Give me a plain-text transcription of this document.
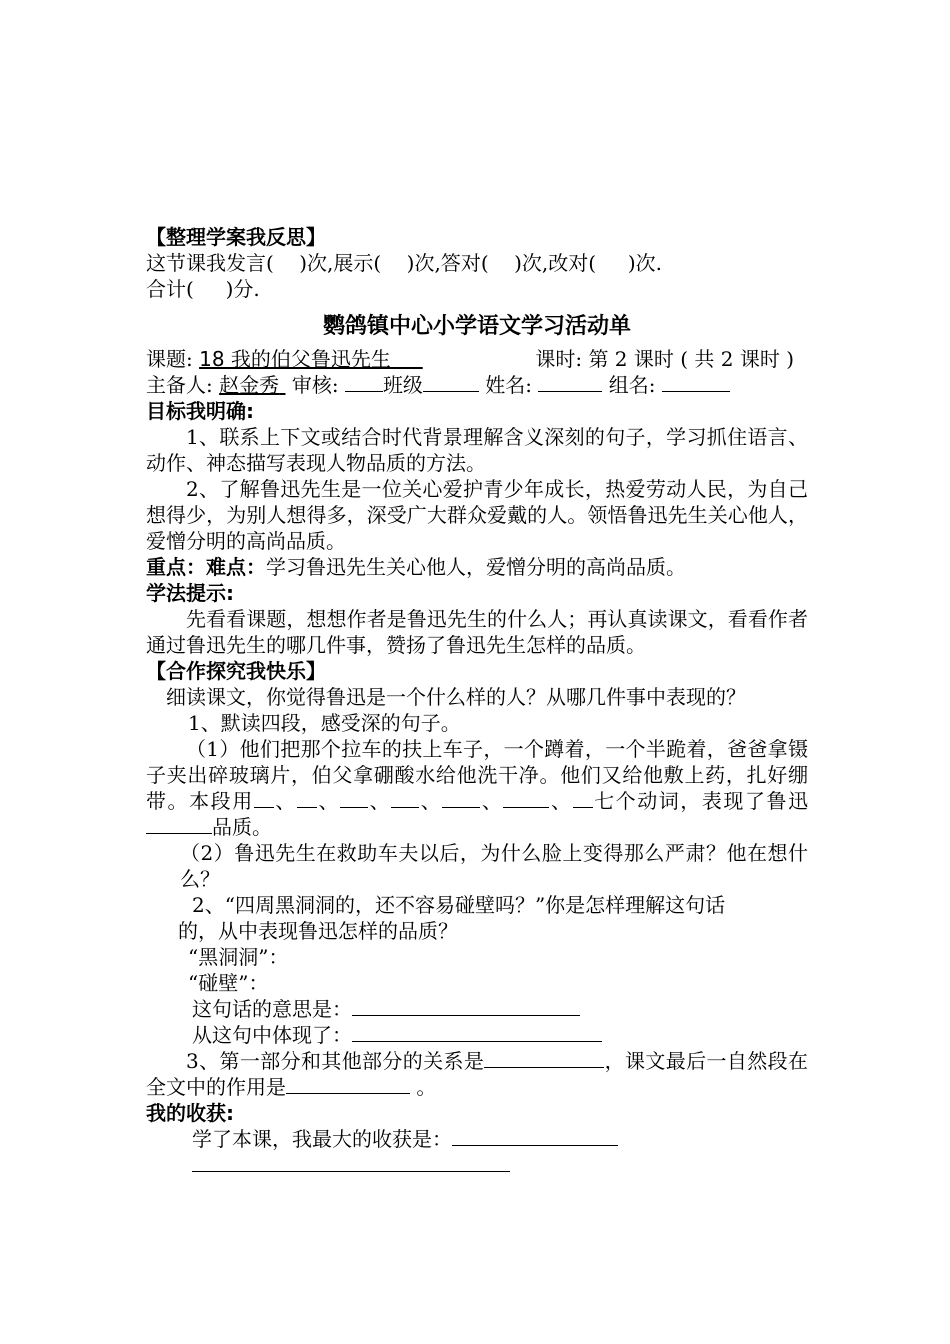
【整理学案我反思】
这节课我发言( )次,展示( )次,答对( )次,改对( )次.
合计( )分.
鹦鸽镇中心小学语文学习活动单
课题: 18 我的伯父鲁迅先生	课时: 第 2 课时 ( 共 2 课时 )
主备人: 赵金秀 审核: 班级	姓名:	组名:
目标我明确:
1、联系上下文或结合时代背景理解含义深刻的句子，学习抓住语言、动作、神态描写表现人物品质的方法。
2、了解鲁迅先生是一位关心爱护青少年成长，热爱劳动人民，为自己想得少，为别人想得多，深受广大群众爱戴的人。领悟鲁迅先生关心他人，爱憎分明的高尚品质。
重点：难点：学习鲁迅先生关心他人，爱憎分明的高尚品质。
学法提示:
先看看课题，想想作者是鲁迅先生的什么人；再认真读课文，看看作者通过鲁迅先生的哪几件事，赞扬了鲁迅先生怎样的品质。
【合作探究我快乐】
细读课文，你觉得鲁迅是一个什么样的人？从哪几件事中表现的？
1、默读四段，感受深的句子。
（1）他们把那个拉车的扶上车子，一个蹲着，一个半跪着，爸爸拿镊子夹出碎玻璃片，伯父拿硼酸水给他洗干净。他们又给他敷上药，扎好绷带。本段用 、 、 、 、 、 、 七个动词，表现了鲁迅品质。
（2）鲁迅先生在救助车夫以后，为什么脸上变得那么严肃？他在想什么？
2、“四周黑洞洞的，还不容易碰壁吗？”你是怎样理解这句话
的，从中表现鲁迅怎样的品质？
“黑洞洞”：
“碰壁”：
这句话的意思是：
从这句中体现了：
3、第一部分和其他部分的关系是	，课文最后一自然段在全文中的作用是	。
我的收获:
学了本课，我最大的收获是：
